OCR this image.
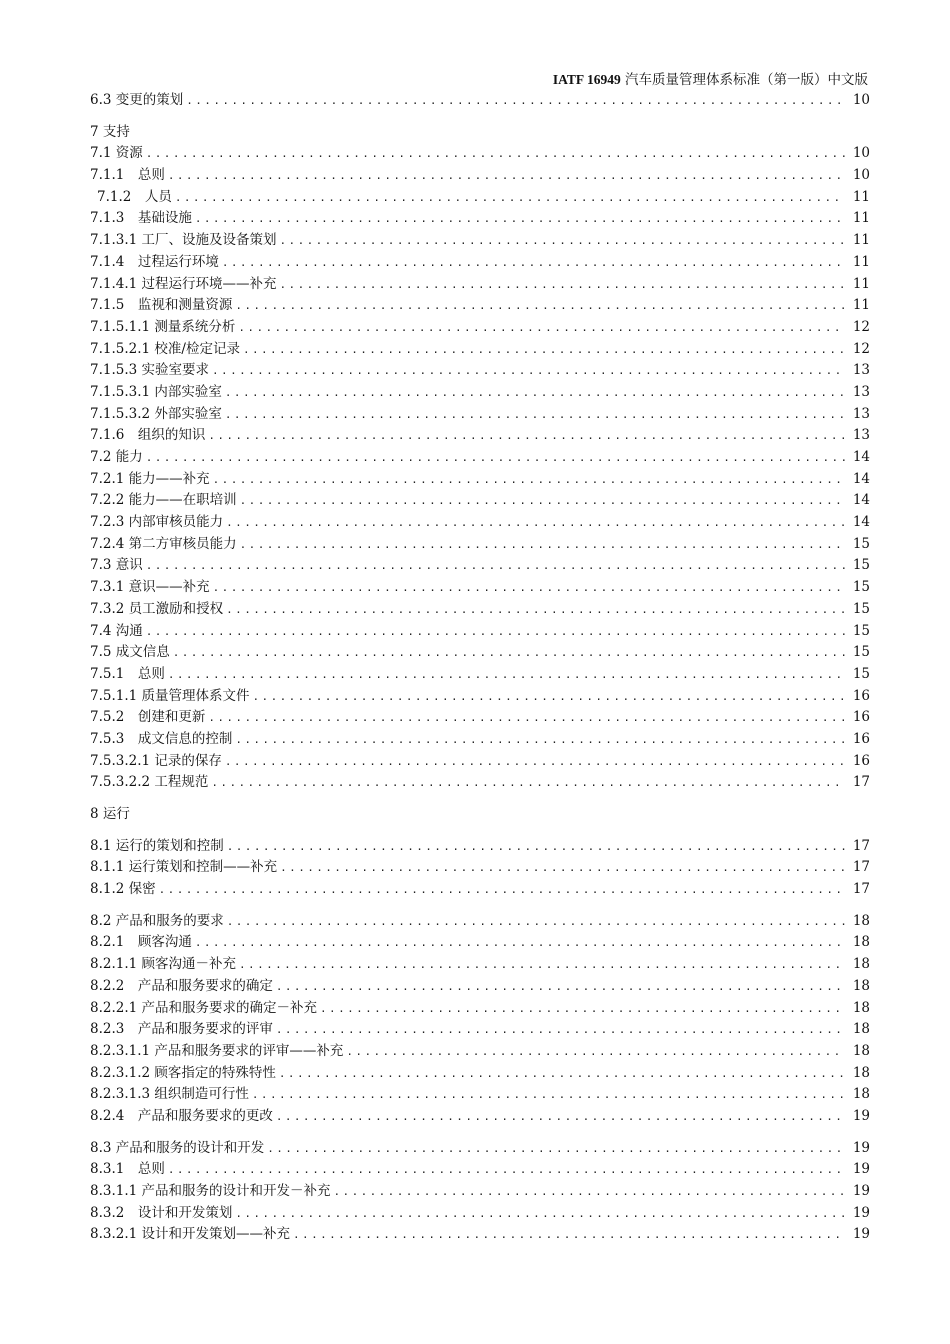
IATF 16949 汽车质量管理体系标准（第一版）中文版
6.3 变更的策划 .....	10
7 支持
7.1 资源 .....	10
7.1.1　总则 .....	10
7.1.2　人员 .....	11
7.1.3　基础设施 .....	11
7.1.3.1 工厂、设施及设备策划 .....	11
7.1.4　过程运行环境 .....	11
7.1.4.1 过程运行环境——补充 .....	11
7.1.5　监视和测量资源 .....	11
7.1.5.1.1 测量系统分析 .....	12
7.1.5.2.1 校准/检定记录 .....	12
7.1.5.3 实验室要求 .....	13
7.1.5.3.1 内部实验室 .....	13
7.1.5.3.2 外部实验室 .....	13
7.1.6　组织的知识 .....	13
7.2 能力 .....	14
7.2.1 能力——补充 .....	14
7.2.2 能力——在职培训 .....	14
7.2.3 内部审核员能力 .....	14
7.2.4 第二方审核员能力 .....	15
7.3 意识 .....	15
7.3.1 意识——补充 .....	15
7.3.2 员工激励和授权 .....	15
7.4 沟通 .....	15
7.5 成文信息 .....	15
7.5.1　总则 .....	15
7.5.1.1 质量管理体系文件 .....	16
7.5.2　创建和更新 .....	16
7.5.3　成文信息的控制 .....	16
7.5.3.2.1 记录的保存 .....	16
7.5.3.2.2 工程规范 .....	17
8 运行
8.1 运行的策划和控制 .....	17
8.1.1 运行策划和控制——补充 .....	17
8.1.2 保密 .....	17
8.2 产品和服务的要求 .....	18
8.2.1　顾客沟通 .....	18
8.2.1.1 顾客沟通－补充 .....	18
8.2.2　产品和服务要求的确定 .....	18
8.2.2.1 产品和服务要求的确定－补充 .....	18
8.2.3　产品和服务要求的评审 .....	18
8.2.3.1.1 产品和服务要求的评审——补充 .....	18
8.2.3.1.2 顾客指定的特殊特性 .....	18
8.2.3.1.3 组织制造可行性 .....	18
8.2.4　产品和服务要求的更改 .....	19
8.3 产品和服务的设计和开发 .....	19
8.3.1　总则 .....	19
8.3.1.1 产品和服务的设计和开发－补充 .....	19
8.3.2　设计和开发策划 .....	19
8.3.2.1 设计和开发策划——补充 .....	19
